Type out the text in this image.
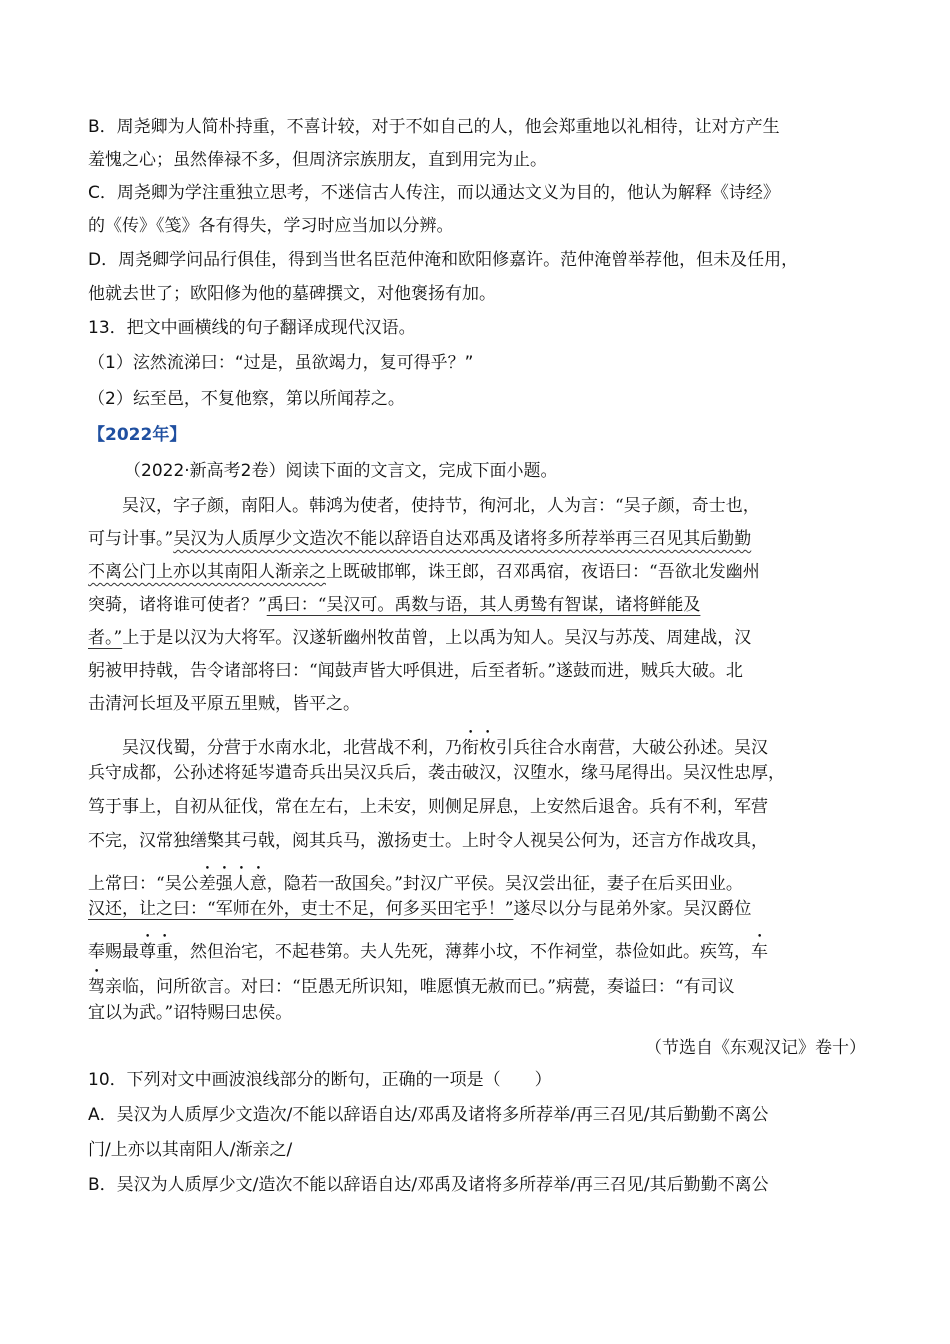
B．周尧卿为人简朴持重，不喜计较，对于不如自己的人，他会郑重地以礼相待，让对方产生
羞愧之心；虽然俸禄不多，但周济宗族朋友，直到用完为止。
C．周尧卿为学注重独立思考，不迷信古人传注，而以通达文义为目的，他认为解释《诗经》
的《传》《笺》各有得失，学习时应当加以分辨。
D．周尧卿学问品行俱佳，得到当世名臣范仲淹和欧阳修嘉许。范仲淹曾举荐他，但未及任用，
他就去世了；欧阳修为他的墓碑撰文，对他褒扬有加。
13．把文中画横线的句子翻译成现代汉语。
（1）泫然流涕曰：“过是，虽欲竭力，复可得乎？”
（2）纭至邑，不复他察，第以所闻荐之。
【2022年】
（2022·新高考2卷）阅读下面的文言文，完成下面小题。
吴汉，字子颜，南阳人。韩鸿为使者，使持节，徇河北，人为言：“吴子颜，奇士也，
可与计事。”吴汉为人质厚少文造次不能以辞语自达邓禹及诸将多所荐举再三召见其后勤勤
不离公门上亦以其南阳人渐亲之上既破邯郸，诛王郎，召邓禹宿，夜语曰：“吾欲北发幽州
突骑，诸将谁可使者？”禹曰：“吴汉可。禹数与语，其人勇鸷有智谋，诸将鲜能及
者。”上于是以汉为大将军。汉遂斩幽州牧苗曾，上以禹为知人。吴汉与苏茂、周建战，汉
躬被甲持戟，告令诸部将曰：“闻鼓声皆大呼俱进，后至者斩。”遂鼓而进，贼兵大破。北
击清河长垣及平原五里贼，皆平之。
吴汉伐蜀，分营于水南水北，北营战不利，乃衔枚引兵往合水南营，大破公孙述。吴汉
兵守成都，公孙述将延岑遣奇兵出吴汉兵后，袭击破汉，汉堕水，缘马尾得出。吴汉性忠厚，
笃于事上，自初从征伐，常在左右，上未安，则侧足屏息，上安然后退舍。兵有不利，军营
不完，汉常独缮檠其弓戟，阅其兵马，激扬吏士。上时令人视吴公何为，还言方作战攻具，
上常曰：“吴公差强人意，隐若一敌国矣。”封汉广平侯。吴汉尝出征，妻子在后买田业。
汉还，让之曰：“军师在外，吏士不足，何多买田宅乎！”遂尽以分与昆弟外家。吴汉爵位
奉赐最尊重，然但治宅，不起巷第。夫人先死，薄葬小坟，不作祠堂，恭俭如此。疾笃，车
驾亲临，问所欲言。对曰：“臣愚无所识知，唯愿慎无赦而已。”病甍，奏谥曰：“有司议
宜以为武。”诏特赐曰忠侯。
（节选自《东观汉记》卷十）
10．下列对文中画波浪线部分的断句，正确的一项是（　　）
A．吴汉为人质厚少文造次/不能以辞语自达/邓禹及诸将多所荐举/再三召见/其后勤勤不离公
门/上亦以其南阳人/渐亲之/
B．吴汉为人质厚少文/造次不能以辞语自达/邓禹及诸将多所荐举/再三召见/其后勤勤不离公
